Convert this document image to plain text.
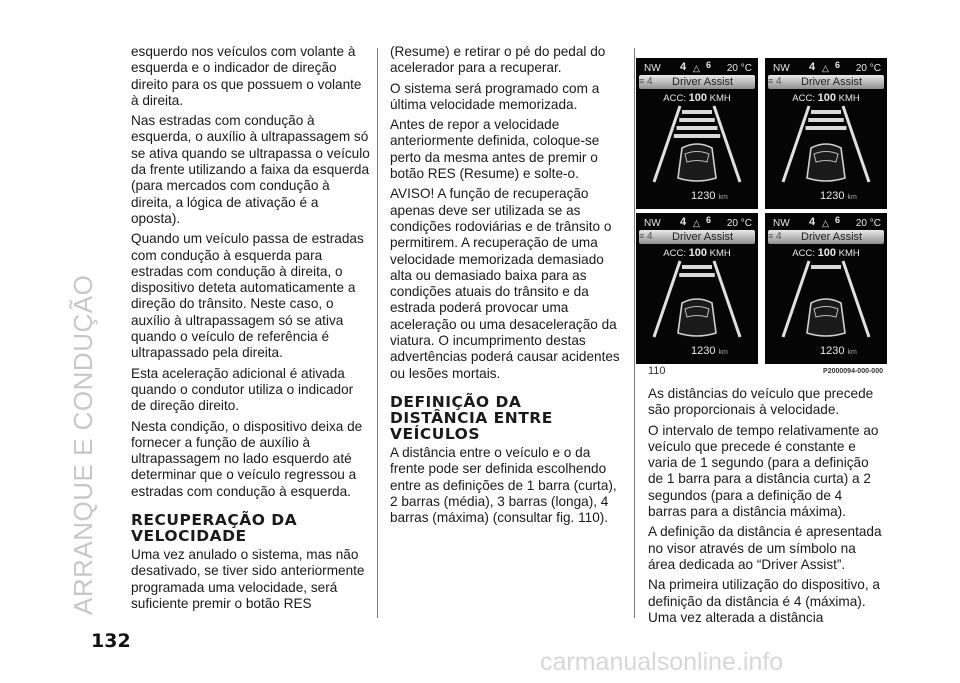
ARRANQUE E CONDUÇÃO

esquerdo nos veículos com volante à esquerda e o indicador de direção direito para os que possuem o volante à direita.

Nas estradas com condução à esquerda, o auxílio à ultrapassagem só se ativa quando se ultrapassa o veículo da frente utilizando a faixa da esquerda (para mercados com condução à direita, a lógica de ativação é a oposta).

Quando um veículo passa de estradas com condução à esquerda para estradas com condução à direita, o dispositivo deteta automaticamente a direção do trânsito. Neste caso, o auxílio à ultrapassagem só se ativa quando o veículo de referência é ultrapassado pela direita.

Esta aceleração adicional é ativada quando o condutor utiliza o indicador de direção direito.

Nesta condição, o dispositivo deixa de fornecer a função de auxílio à ultrapassagem no lado esquerdo até determinar que o veículo regressou a estradas com condução à esquerda.

RECUPERAÇÃO DA VELOCIDADE

Uma vez anulado o sistema, mas não desativado, se tiver sido anteriormente programada uma velocidade, será suficiente premir o botão RES

(Resume) e retirar o pé do pedal do acelerador para a recuperar.

O sistema será programado com a última velocidade memorizada.

Antes de repor a velocidade anteriormente definida, coloque-se perto da mesma antes de premir o botão RES (Resume) e solte-o.

AVISO! A função de recuperação apenas deve ser utilizada se as condições rodoviárias e de trânsito o permitirem. A recuperação de uma velocidade memorizada demasiado alta ou demasiado baixa para as condições atuais do trânsito e da estrada poderá provocar uma aceleração ou uma desaceleração da viatura. O incumprimento destas advertências poderá causar acidentes ou lesões mortais.

DEFINIÇÃO DA DISTÂNCIA ENTRE VEÍCULOS

A distância entre o veículo e o da frente pode ser definida escolhendo entre as definições de 1 barra (curta), 2 barras (média), 3 barras (longa), 4 barras (máxima) (consultar fig. 110).

NW 4 △ 6 20 °C
≡ 4 Driver Assist
ACC: 100 KMH
1230 km
NW 4 △ 6 20 °C
≡ 4 Driver Assist
ACC: 100 KMH
1230 km
NW 4 △ 6 20 °C
≡ 4 Driver Assist
ACC: 100 KMH
1230 km
NW 4 △ 6 20 °C
≡ 4 Driver Assist
ACC: 100 KMH
1230 km
110	P2000094-000-000

As distâncias do veículo que precede são proporcionais à velocidade.

O intervalo de tempo relativamente ao veículo que precede é constante e varia de 1 segundo (para a definição de 1 barra para a distância curta) a 2 segundos (para a definição de 4 barras para a distância máxima).

A definição da distância é apresentada no visor através de um símbolo na área dedicada ao “Driver Assist”.

Na primeira utilização do dispositivo, a definição da distância é 4 (máxima). Uma vez alterada a distância

132
carmanualsonline.info
